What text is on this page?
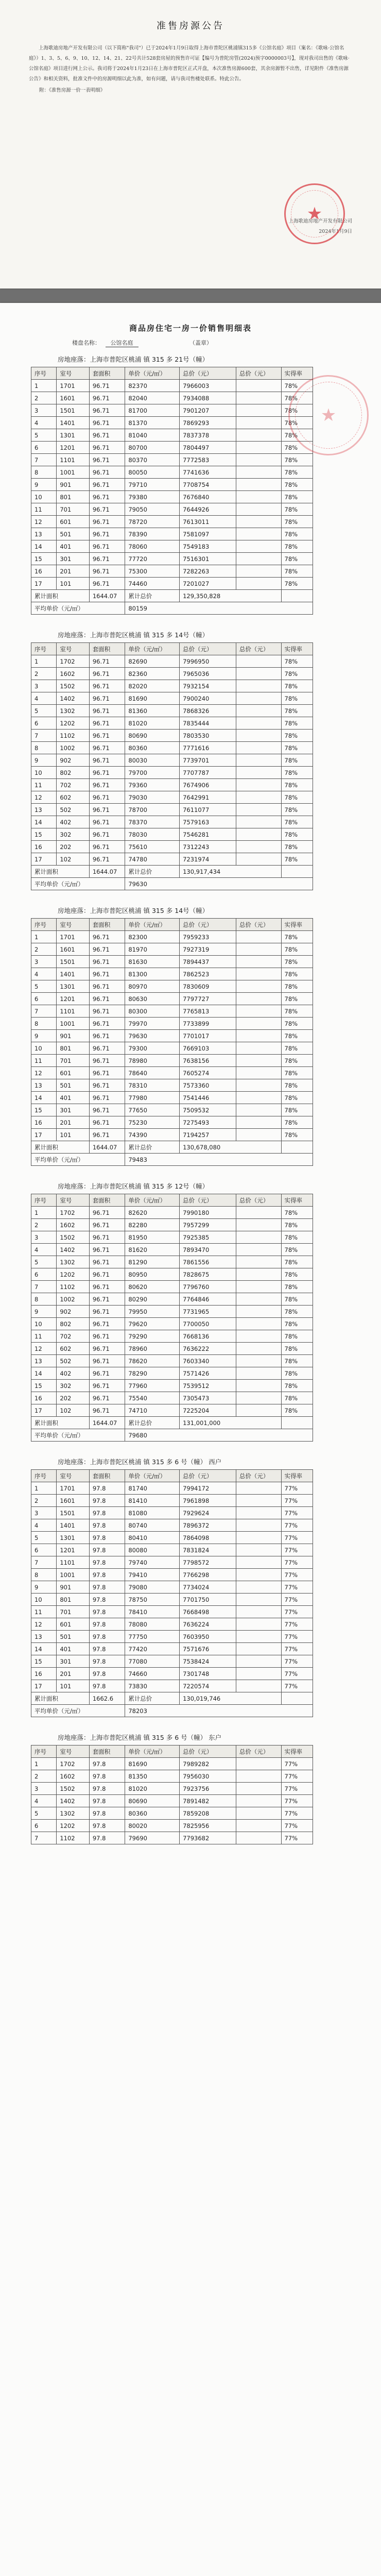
准售房源公告
上海歌迪房地产开发有限公司（以下简称"我司"）已于2024年1月9日取得上海市普陀区桃浦镇315多《公馆名庭》项目（案名：《歌咏·公馆名庭》）1、3、5、6、9、10、12、14、21、22号共计528套房屋的预售许可证【编号为普陀房管(2024)预字0000003号】，现对我司出售的《歌咏·公馆名庭》项目进行网上公示。我司将于2024年1月23日在上海市普陀区正式开盘，本次准售房源600套，其余房源暂不出售，详见附件《准售房源公告》和相关资料，批准文件中的房源明细以此为准，如有问题，请与我司售楼处联系。特此公告。
附：《准售房源一价一表明细》
上海歌迪房地产开发有限公司
2024年1月9日
★
商品房住宅一房一价销售明细表
楼盘名称： 公馆名庭	（盖章）
★
房地座落：上海市普陀区桃浦 镇 315 多 21号（幢）
序号	室号	套面积	单价（元/㎡）	总价（元）	总价（元）	实得率
1	1701	96.71	82370	7966003		78%
2	1601	96.71	82040	7934088		78%
3	1501	96.71	81700	7901207		78%
4	1401	96.71	81370	7869293		78%
5	1301	96.71	81040	7837378		78%
6	1201	96.71	80700	7804497		78%
7	1101	96.71	80370	7772583		78%
8	1001	96.71	80050	7741636		78%
9	901	96.71	79710	7708754		78%
10	801	96.71	79380	7676840		78%
11	701	96.71	79050	7644926		78%
12	601	96.71	78720	7613011		78%
13	501	96.71	78390	7581097		78%
14	401	96.71	78060	7549183		78%
15	301	96.71	77720	7516301		78%
16	201	96.71	75300	7282263		78%
17	101	96.71	74460	7201027		78%
累计面积		1644.07	累计总价	129,350,828		
平均单价（元/㎡）			80159			
房地座落：上海市普陀区桃浦 镇 315 多 14号（幢）
序号	室号	套面积	单价（元/㎡）	总价（元）	总价（元）	实得率
1	1702	96.71	82690	7996950		78%
2	1602	96.71	82360	7965036		78%
3	1502	96.71	82020	7932154		78%
4	1402	96.71	81690	7900240		78%
5	1302	96.71	81360	7868326		78%
6	1202	96.71	81020	7835444		78%
7	1102	96.71	80690	7803530		78%
8	1002	96.71	80360	7771616		78%
9	902	96.71	80030	7739701		78%
10	802	96.71	79700	7707787		78%
11	702	96.71	79360	7674906		78%
12	602	96.71	79030	7642991		78%
13	502	96.71	78700	7611077		78%
14	402	96.71	78370	7579163		78%
15	302	96.71	78030	7546281		78%
16	202	96.71	75610	7312243		78%
17	102	96.71	74780	7231974		78%
累计面积		1644.07	累计总价	130,917,434		
平均单价（元/㎡）			79630			
房地座落：上海市普陀区桃浦 镇 315 多 14号（幢）
序号	室号	套面积	单价（元/㎡）	总价（元）	总价（元）	实得率
1	1701	96.71	82300	7959233		78%
2	1601	96.71	81970	7927319		78%
3	1501	96.71	81630	7894437		78%
4	1401	96.71	81300	7862523		78%
5	1301	96.71	80970	7830609		78%
6	1201	96.71	80630	7797727		78%
7	1101	96.71	80300	7765813		78%
8	1001	96.71	79970	7733899		78%
9	901	96.71	79630	7701017		78%
10	801	96.71	79300	7669103		78%
11	701	96.71	78980	7638156		78%
12	601	96.71	78640	7605274		78%
13	501	96.71	78310	7573360		78%
14	401	96.71	77980	7541446		78%
15	301	96.71	77650	7509532		78%
16	201	96.71	75230	7275493		78%
17	101	96.71	74390	7194257		78%
累计面积		1644.07	累计总价	130,678,080		
平均单价（元/㎡）			79483			
房地座落：上海市普陀区桃浦 镇 315 多 12号（幢）
序号	室号	套面积	单价（元/㎡）	总价（元）	总价（元）	实得率
1	1702	96.71	82620	7990180		78%
2	1602	96.71	82280	7957299		78%
3	1502	96.71	81950	7925385		78%
4	1402	96.71	81620	7893470		78%
5	1302	96.71	81290	7861556		78%
6	1202	96.71	80950	7828675		78%
7	1102	96.71	80620	7796760		78%
8	1002	96.71	80290	7764846		78%
9	902	96.71	79950	7731965		78%
10	802	96.71	79620	7700050		78%
11	702	96.71	79290	7668136		78%
12	602	96.71	78960	7636222		78%
13	502	96.71	78620	7603340		78%
14	402	96.71	78290	7571426		78%
15	302	96.71	77960	7539512		78%
16	202	96.71	75540	7305473		78%
17	102	96.71	74710	7225204		78%
累计面积		1644.07	累计总价	131,001,000		
平均单价（元/㎡）			79680			
房地座落：上海市普陀区桃浦 镇 315 多 6 号（幢） 西户
序号	室号	套面积	单价（元/㎡）	总价（元）	总价（元）	实得率
1	1701	97.8	81740	7994172		77%
2	1601	97.8	81410	7961898		77%
3	1501	97.8	81080	7929624		77%
4	1401	97.8	80740	7896372		77%
5	1301	97.8	80410	7864098		77%
6	1201	97.8	80080	7831824		77%
7	1101	97.8	79740	7798572		77%
8	1001	97.8	79410	7766298		77%
9	901	97.8	79080	7734024		77%
10	801	97.8	78750	7701750		77%
11	701	97.8	78410	7668498		77%
12	601	97.8	78080	7636224		77%
13	501	97.8	77750	7603950		77%
14	401	97.8	77420	7571676		77%
15	301	97.8	77080	7538424		77%
16	201	97.8	74660	7301748		77%
17	101	97.8	73830	7220574		77%
累计面积		1662.6	累计总价	130,019,746		
平均单价（元/㎡）			78203			
房地座落：上海市普陀区桃浦 镇 315 多 6 号（幢） 东户
序号	室号	套面积	单价（元/㎡）	总价（元）	总价（元）	实得率
1	1702	97.8	81690	7989282		77%
2	1602	97.8	81350	7956030		77%
3	1502	97.8	81020	7923756		77%
4	1402	97.8	80690	7891482		77%
5	1302	97.8	80360	7859208		77%
6	1202	97.8	80020	7825956		77%
7	1102	97.8	79690	7793682		77%
